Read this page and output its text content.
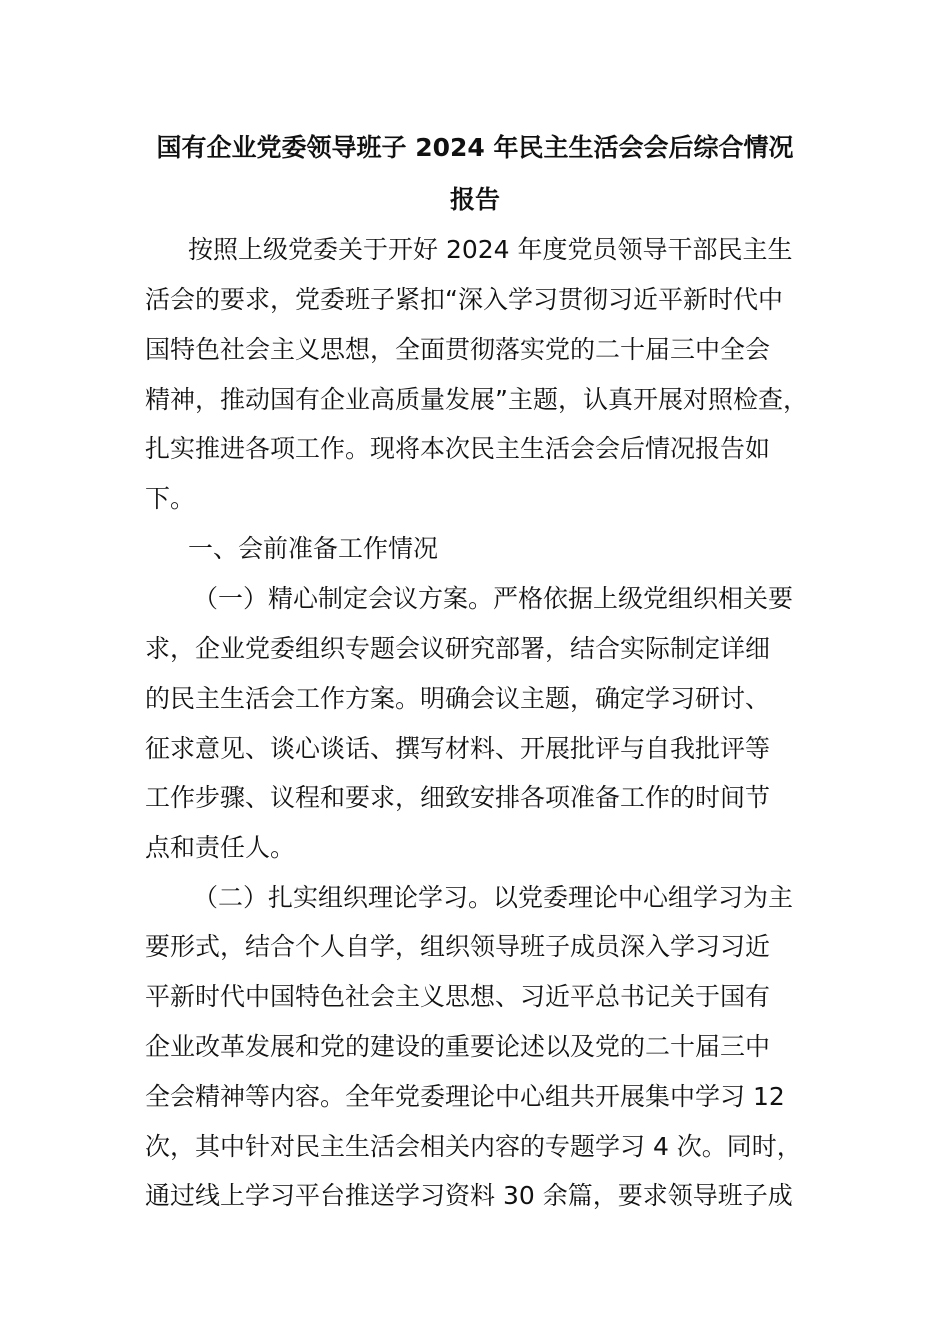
国有企业党委领导班子 2024 年民主生活会会后综合情况
报告
按照上级党委关于开好 2024 年度党员领导干部民主生
活会的要求，党委班子紧扣“深入学习贯彻习近平新时代中
国特色社会主义思想，全面贯彻落实党的二十届三中全会
精神，推动国有企业高质量发展”主题，认真开展对照检查，
扎实推进各项工作。现将本次民主生活会会后情况报告如
下。
一、会前准备工作情况
（一）精心制定会议方案。严格依据上级党组织相关要
求，企业党委组织专题会议研究部署，结合实际制定详细
的民主生活会工作方案。明确会议主题，确定学习研讨、
征求意见、谈心谈话、撰写材料、开展批评与自我批评等
工作步骤、议程和要求，细致安排各项准备工作的时间节
点和责任人。
（二）扎实组织理论学习。以党委理论中心组学习为主
要形式，结合个人自学，组织领导班子成员深入学习习近
平新时代中国特色社会主义思想、习近平总书记关于国有
企业改革发展和党的建设的重要论述以及党的二十届三中
全会精神等内容。全年党委理论中心组共开展集中学习 12
次，其中针对民主生活会相关内容的专题学习 4 次。同时，
通过线上学习平台推送学习资料 30 余篇，要求领导班子成
